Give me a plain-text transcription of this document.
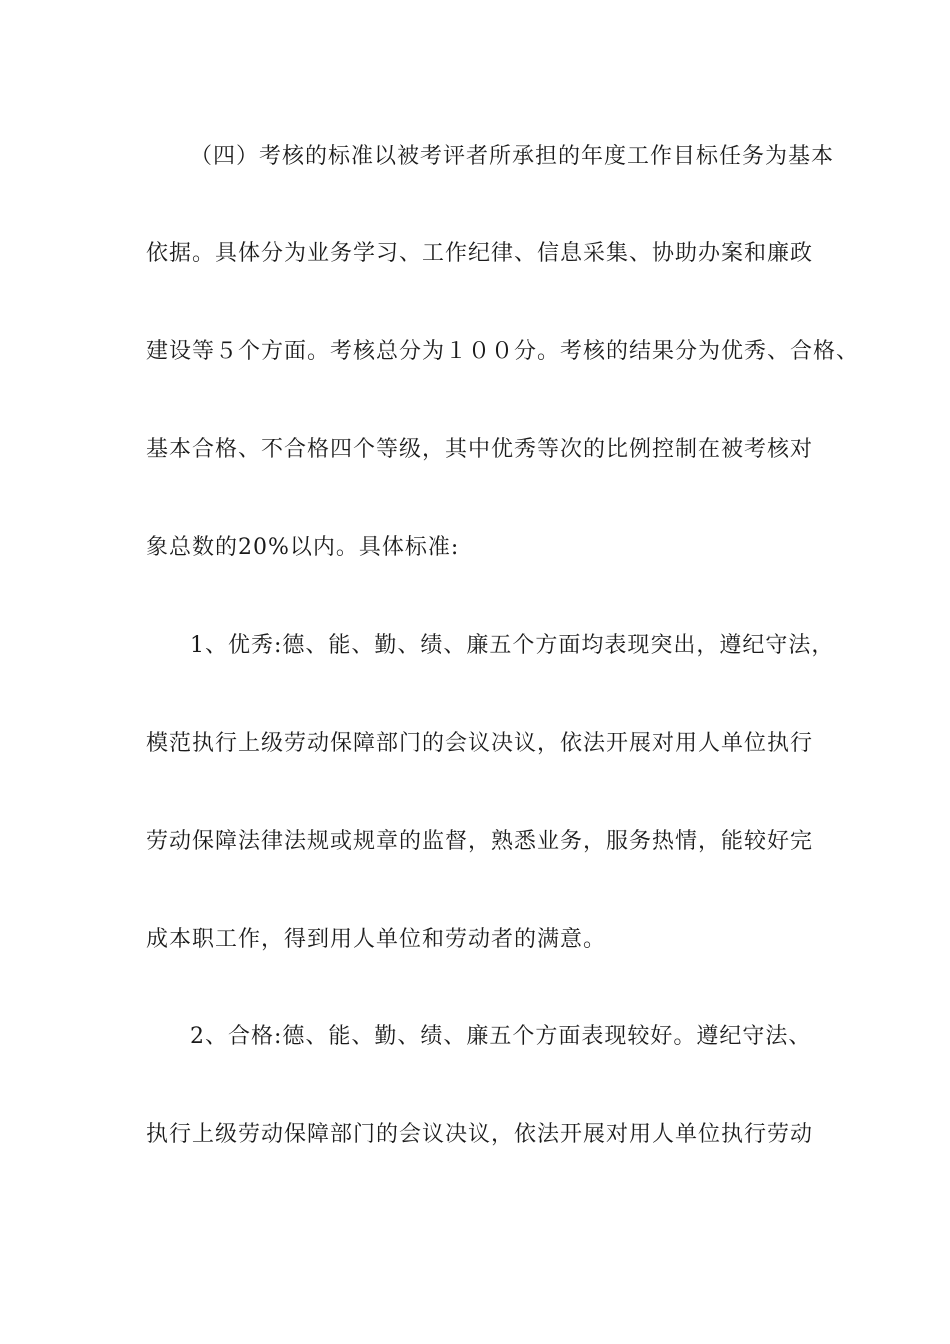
（四）考核的标准以被考评者所承担的年度工作目标任务为基本
依据。具体分为业务学习、工作纪律、信息采集、协助办案和廉政
建设等５个方面。考核总分为１００分。考核的结果分为优秀、合格、
基本合格、不合格四个等级，其中优秀等次的比例控制在被考核对
象总数的20%以内。具体标准:
1、优秀:德、能、勤、绩、廉五个方面均表现突出，遵纪守法，
模范执行上级劳动保障部门的会议决议，依法开展对用人单位执行
劳动保障法律法规或规章的监督，熟悉业务，服务热情，能较好完
成本职工作，得到用人单位和劳动者的满意。
2、合格:德、能、勤、绩、廉五个方面表现较好。遵纪守法、
执行上级劳动保障部门的会议决议，依法开展对用人单位执行劳动
